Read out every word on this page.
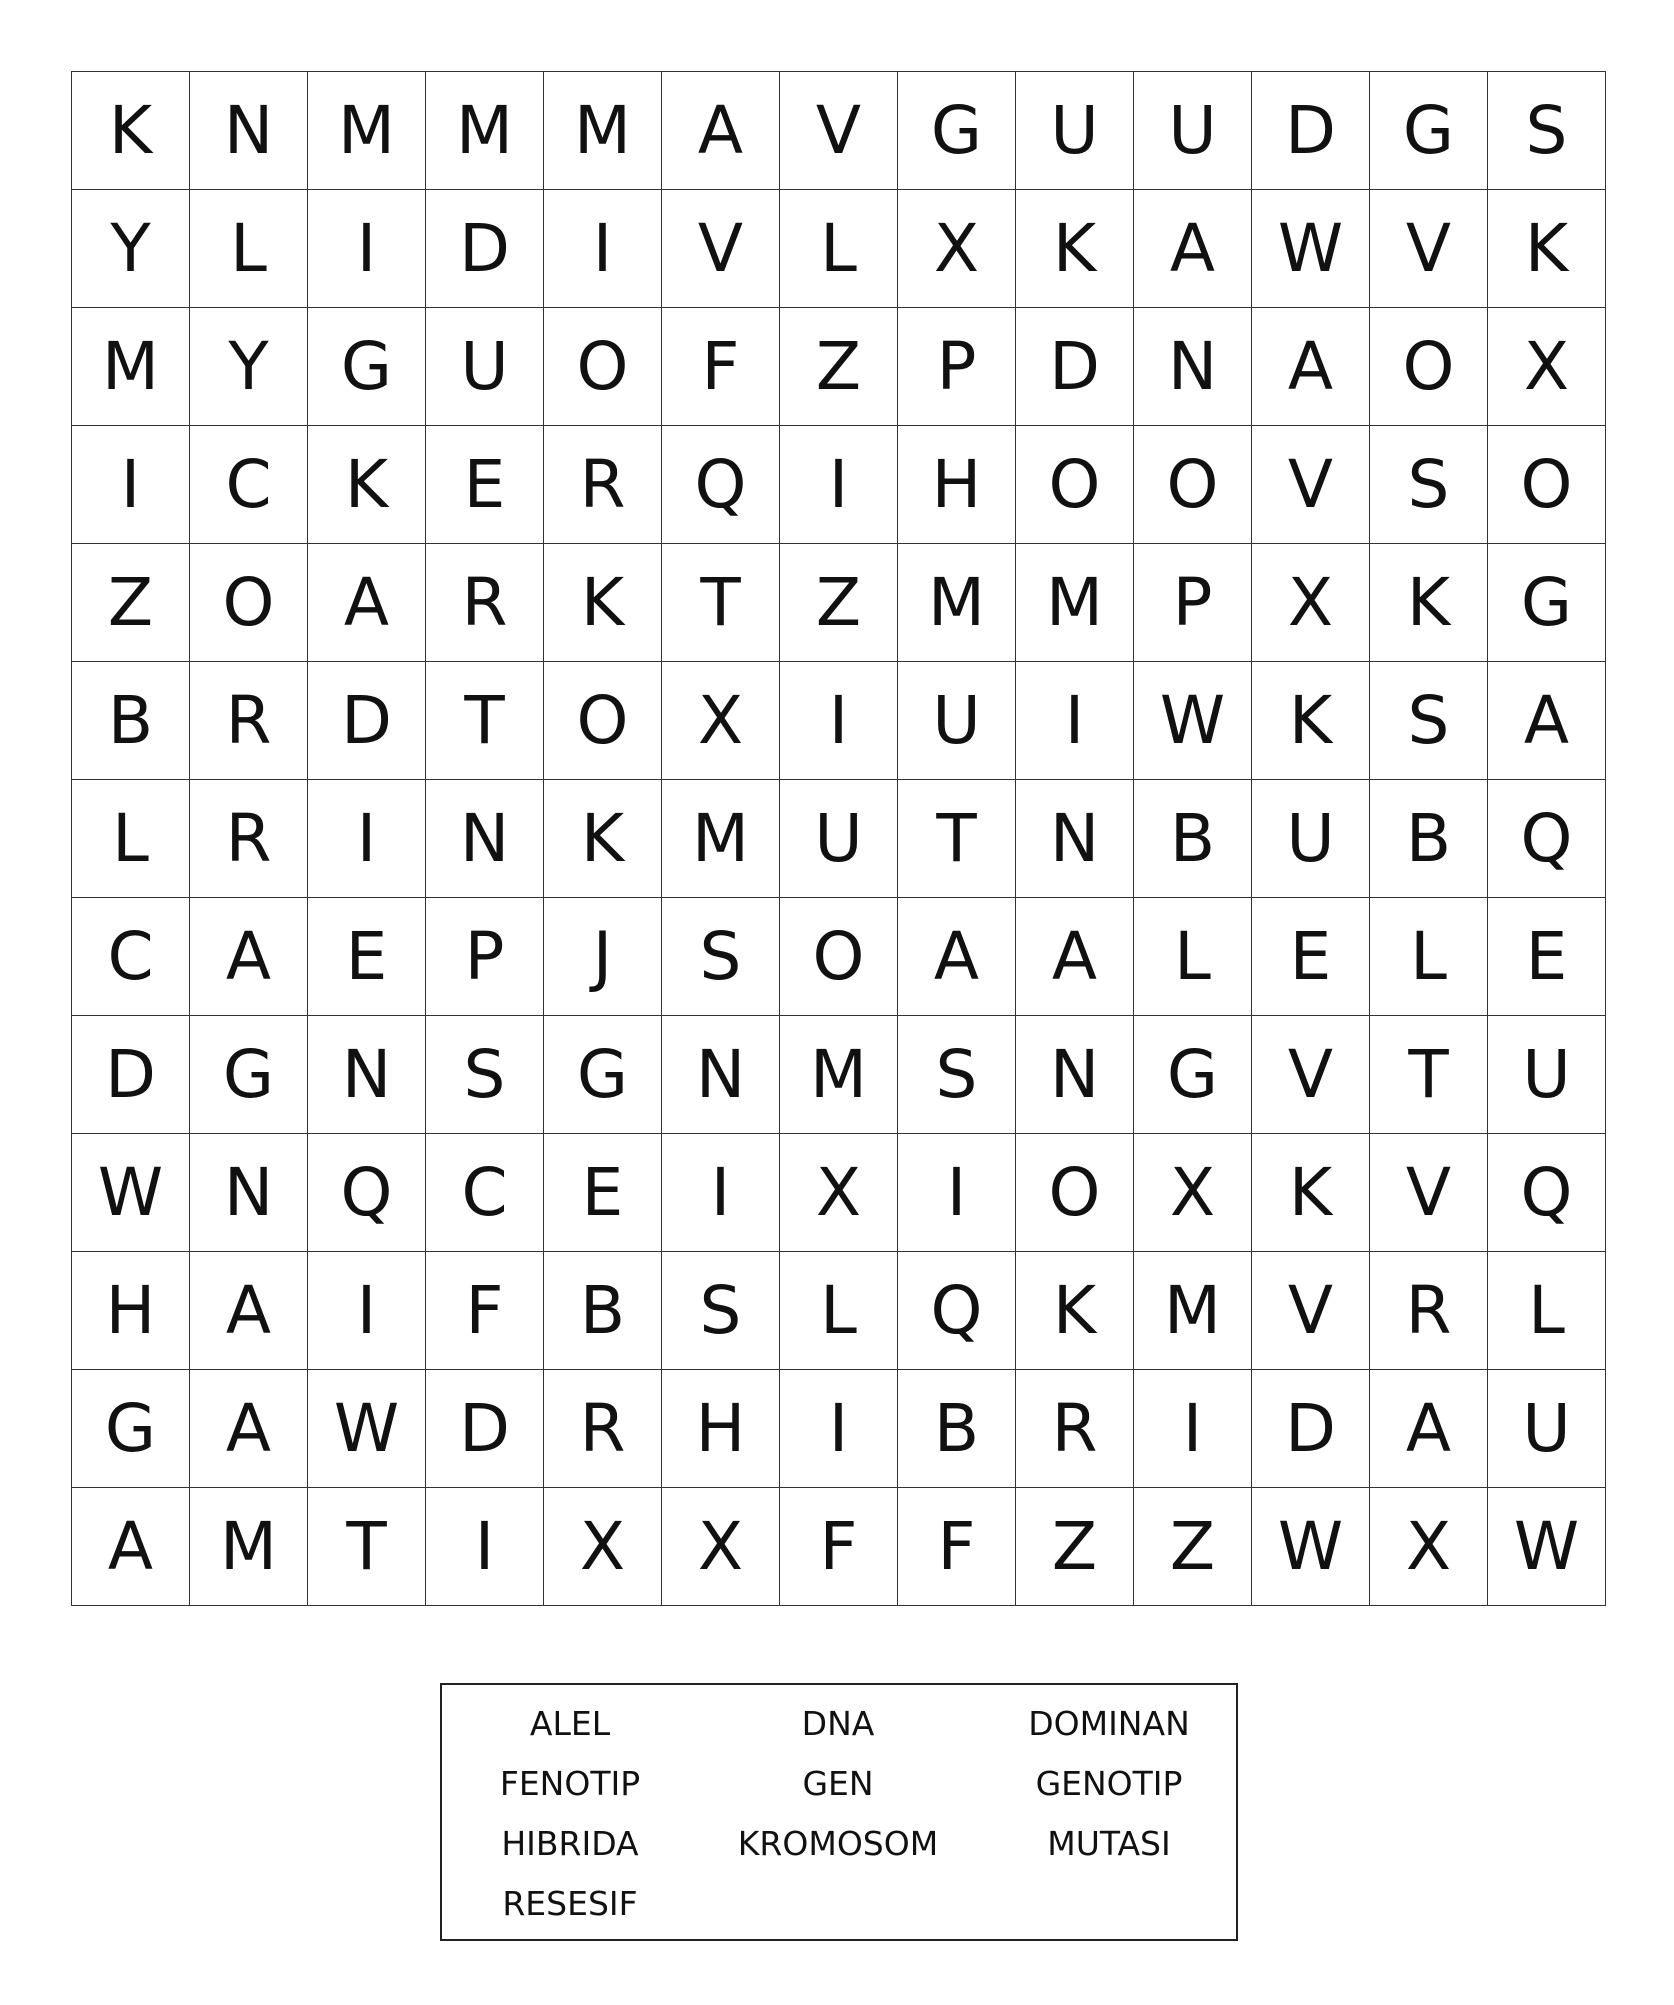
K	N	M	M	M	A	V	G	U	U	D	G	S
Y	L	I	D	I	V	L	X	K	A	W	V	K
M	Y	G	U	O	F	Z	P	D	N	A	O	X
I	C	K	E	R	Q	I	H	O	O	V	S	O
Z	O	A	R	K	T	Z	M	M	P	X	K	G
B	R	D	T	O	X	I	U	I	W	K	S	A
L	R	I	N	K	M	U	T	N	B	U	B	Q
C	A	E	P	J	S	O	A	A	L	E	L	E
D	G	N	S	G	N	M	S	N	G	V	T	U
W	N	Q	C	E	I	X	I	O	X	K	V	Q
H	A	I	F	B	S	L	Q	K	M	V	R	L
G	A	W	D	R	H	I	B	R	I	D	A	U
A	M	T	I	X	X	F	F	Z	Z	W	X	W
ALEL	DNA	DOMINAN
FENOTIP	GEN	GENOTIP
HIBRIDA	KROMOSOM	MUTASI
RESESIF
